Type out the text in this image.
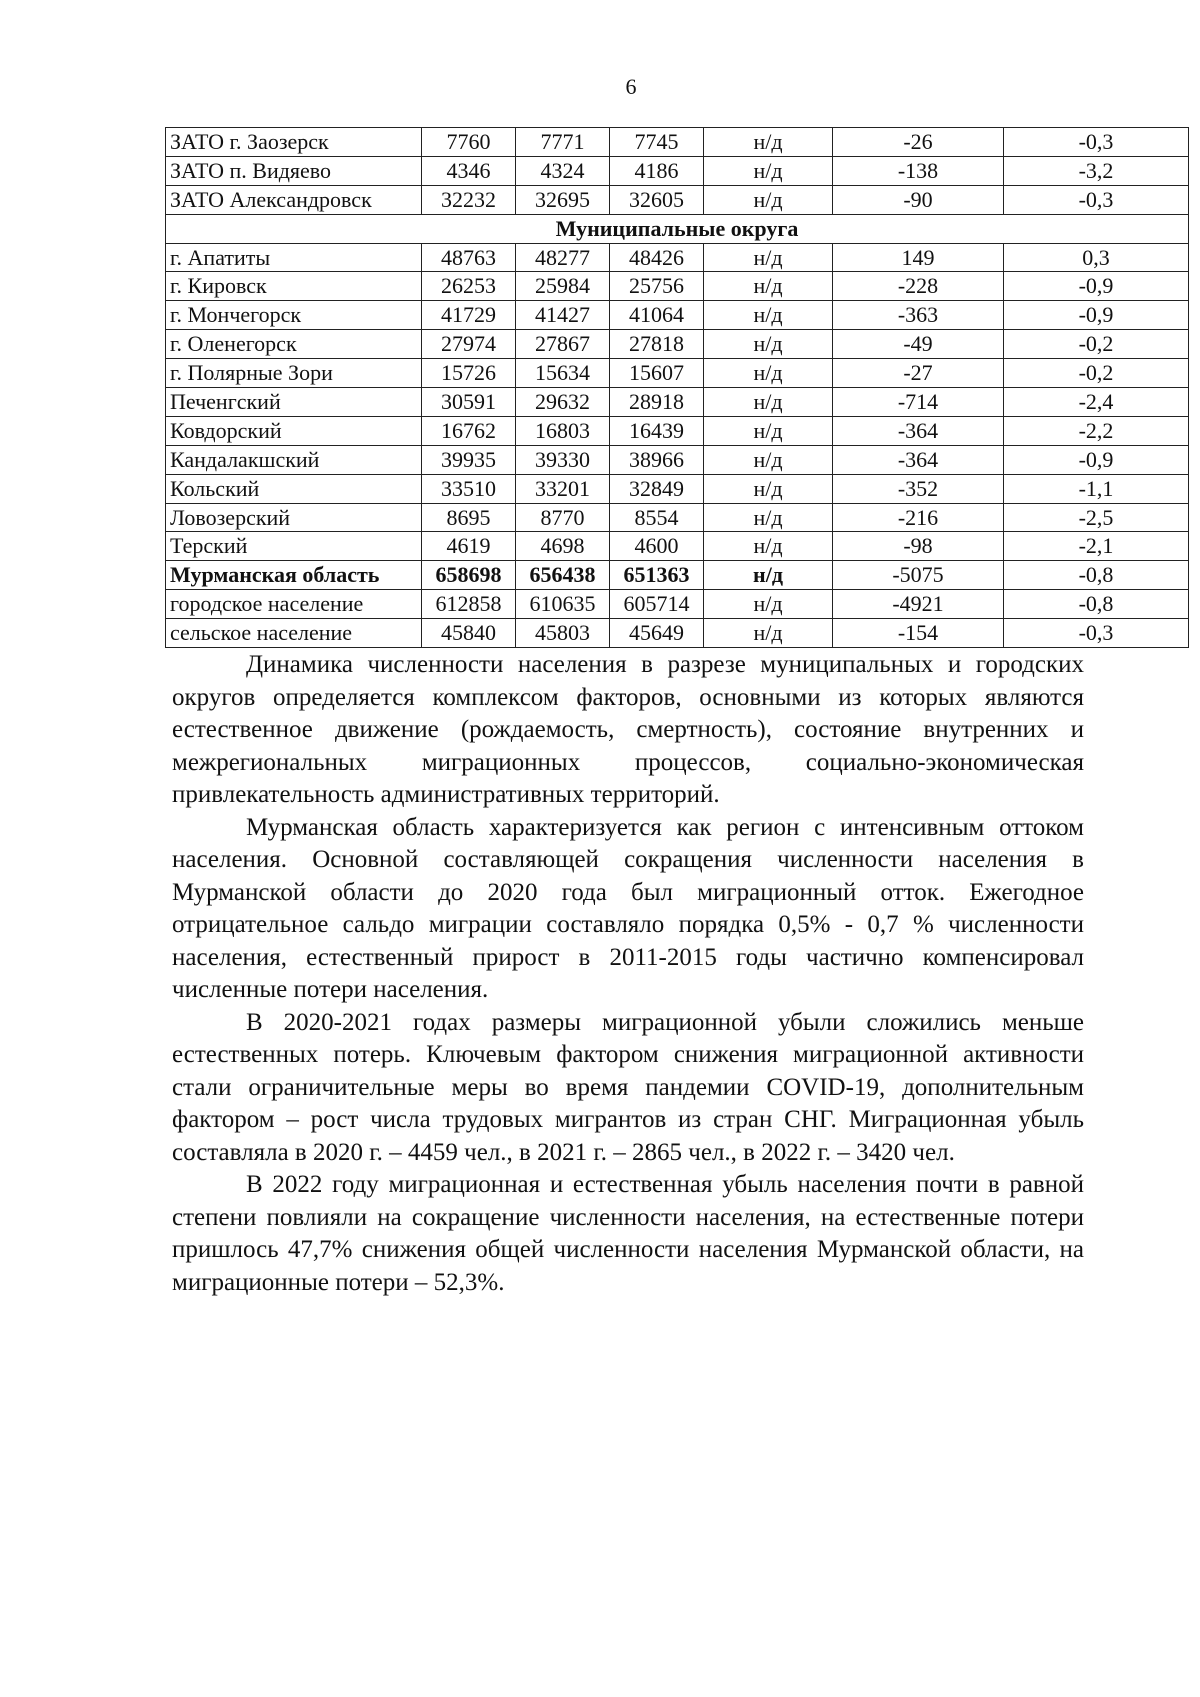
6
ЗАТО г. Заозерск	7760	7771	7745	н/д	-26	-0,3
ЗАТО п. Видяево	4346	4324	4186	н/д	-138	-3,2
ЗАТО Александровск	32232	32695	32605	н/д	-90	-0,3
Муниципальные округа						
г. Апатиты	48763	48277	48426	н/д	149	0,3
г. Кировск	26253	25984	25756	н/д	-228	-0,9
г. Мончегорск	41729	41427	41064	н/д	-363	-0,9
г. Оленегорск	27974	27867	27818	н/д	-49	-0,2
г. Полярные Зори	15726	15634	15607	н/д	-27	-0,2
Печенгский	30591	29632	28918	н/д	-714	-2,4
Ковдорский	16762	16803	16439	н/д	-364	-2,2
Кандалакшский	39935	39330	38966	н/д	-364	-0,9
Кольский	33510	33201	32849	н/д	-352	-1,1
Ловозерский	8695	8770	8554	н/д	-216	-2,5
Терский	4619	4698	4600	н/д	-98	-2,1
Мурманская область	658698	656438	651363	н/д	-5075	-0,8
городское население	612858	610635	605714	н/д	-4921	-0,8
сельское население	45840	45803	45649	н/д	-154	-0,3

Динамика численности населения в разрезе муниципальных и городских округов определяется комплексом факторов, основными из которых являются естественное движение (рождаемость, смертность), состояние внутренних и межрегиональных миграционных процессов, социально-экономическая привлекательность административных территорий.

Мурманская область характеризуется как регион с интенсивным оттоком населения. Основной составляющей сокращения численности населения в Мурманской области до 2020 года был миграционный отток. Ежегодное отрицательное сальдо миграции составляло порядка 0,5% - 0,7 % численности населения, естественный прирост в 2011-2015 годы частично компенсировал численные потери населения.

В 2020-2021 годах размеры миграционной убыли сложились меньше естественных потерь. Ключевым фактором снижения миграционной активности стали ограничительные меры во время пандемии COVID-19, дополнительным фактором – рост числа трудовых мигрантов из стран СНГ. Миграционная убыль составляла в 2020 г. – 4459 чел., в 2021 г. – 2865 чел., в 2022 г. – 3420 чел.

В 2022 году миграционная и естественная убыль населения почти в равной степени повлияли на сокращение численности населения, на естественные потери пришлось 47,7% снижения общей численности населения Мурманской области, на миграционные потери – 52,3%.
